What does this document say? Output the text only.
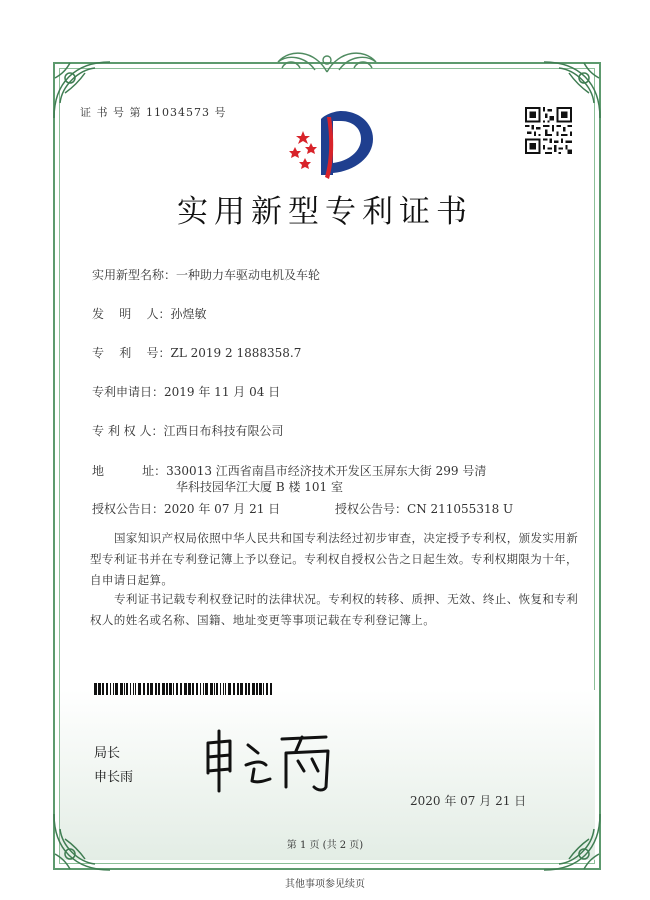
证 书 号 第 11034573 号
实用新型专利证书
实用新型名称：一种助力车驱动电机及车轮
发    明    人：孙煌敏
专    利    号：ZL 2019 2 1888358.7
专利申请日：2019 年 11 月 04 日
专 利 权 人：江西日布科技有限公司
地          址：330013 江西省南昌市经济技术开发区玉屏东大街 299 号清
华科技园华江大厦 B 楼 101 室
授权公告日：2020 年 07 月 21 日	授权公告号：CN 211055318 U
国家知识产权局依照中华人民共和国专利法经过初步审查，决定授予专利权，颁发实用新型专利证书并在专利登记簿上予以登记。专利权自授权公告之日起生效。专利权期限为十年，自申请日起算。
专利证书记载专利权登记时的法律状况。专利权的转移、质押、无效、终止、恢复和专利权人的姓名或名称、国籍、地址变更等事项记载在专利登记簿上。
局长
申长雨
2020 年 07 月 21 日
第 1 页 (共 2 页)
其他事项参见续页
